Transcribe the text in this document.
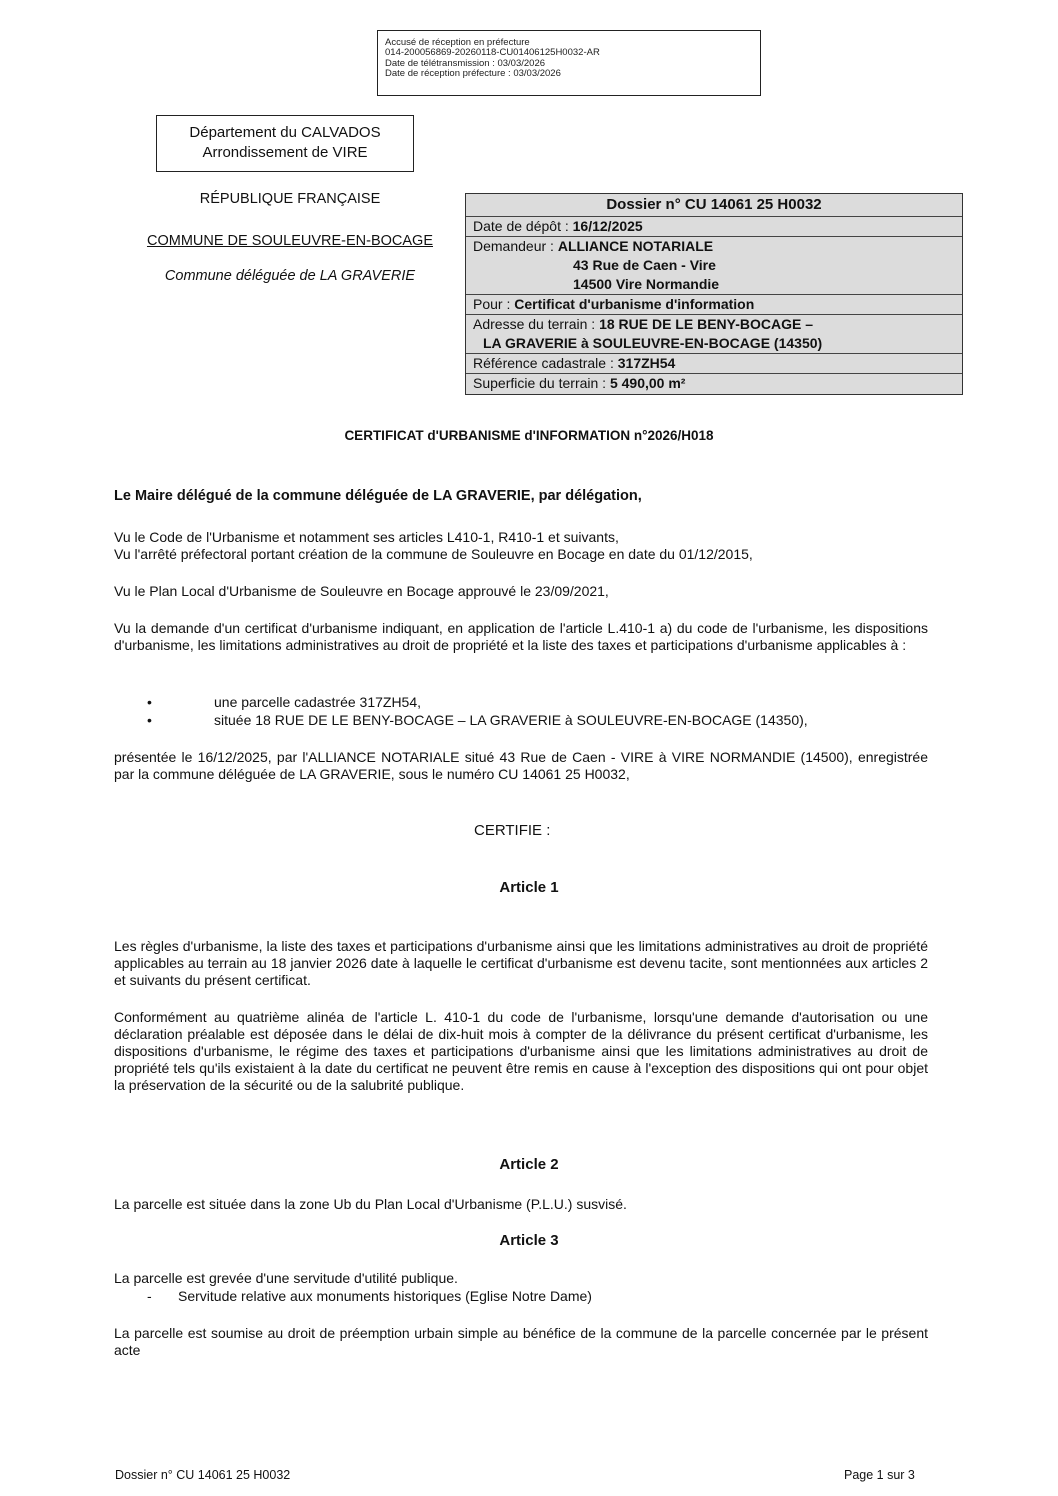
Accusé de réception en préfecture
014-200056869-20260118-CU01406125H0032-AR
Date de télétransmission : 03/03/2026
Date de réception préfecture : 03/03/2026
Département du CALVADOS
Arrondissement de VIRE
RÉPUBLIQUE FRANÇAISE
COMMUNE DE SOULEUVRE-EN-BOCAGE
Commune déléguée de LA GRAVERIE
Dossier n° CU 14061 25 H0032
Date de dépôt : 16/12/2025
Demandeur : ALLIANCE NOTARIALE
43 Rue de Caen - Vire
14500 Vire Normandie
Pour : Certificat d'urbanisme d'information
Adresse du terrain : 18 RUE DE LE BENY-BOCAGE –
LA GRAVERIE à SOULEUVRE-EN-BOCAGE (14350)
Référence cadastrale : 317ZH54
Superficie du terrain : 5 490,00 m²
CERTIFICAT d'URBANISME d'INFORMATION n°2026/H018
Le Maire délégué de la commune déléguée de LA GRAVERIE, par délégation,
Vu le Code de l'Urbanisme et notamment ses articles L410-1, R410-1 et suivants,
Vu l'arrêté préfectoral portant création de la commune de Souleuvre en Bocage en date du 01/12/2015,
Vu le Plan Local d'Urbanisme de Souleuvre en Bocage approuvé le 23/09/2021,
Vu la demande d'un certificat d'urbanisme indiquant, en application de l'article L.410-1 a) du code de l'urbanisme, les dispositions d'urbanisme, les limitations administratives au droit de propriété et la liste des taxes et participations d'urbanisme applicables à :
•	une parcelle cadastrée 317ZH54,
•	située 18 RUE DE LE BENY-BOCAGE – LA GRAVERIE à SOULEUVRE-EN-BOCAGE (14350),
présentée le 16/12/2025, par l'ALLIANCE NOTARIALE situé 43 Rue de Caen - VIRE à VIRE NORMANDIE (14500), enregistrée par la commune déléguée de LA GRAVERIE, sous le numéro CU 14061 25 H0032,
CERTIFIE :
Article 1
Les règles d'urbanisme, la liste des taxes et participations d'urbanisme ainsi que les limitations administratives au droit de propriété applicables au terrain au 18 janvier 2026 date à laquelle le certificat d'urbanisme est devenu tacite, sont mentionnées aux articles 2 et suivants du présent certificat.
Conformément au quatrième alinéa de l'article L. 410-1 du code de l'urbanisme, lorsqu'une demande d'autorisation ou une déclaration préalable est déposée dans le délai de dix-huit mois à compter de la délivrance du présent certificat d'urbanisme, les dispositions d'urbanisme, le régime des taxes et participations d'urbanisme ainsi que les limitations administratives au droit de propriété tels qu'ils existaient à la date du certificat ne peuvent être remis en cause à l'exception des dispositions qui ont pour objet la préservation de la sécurité ou de la salubrité publique.
Article 2
La parcelle est située dans la zone Ub du Plan Local d'Urbanisme (P.L.U.) susvisé.
Article 3
La parcelle est grevée d'une servitude d'utilité publique.
- Servitude relative aux monuments historiques (Eglise Notre Dame)
La parcelle est soumise au droit de préemption urbain simple au bénéfice de la commune de la parcelle concernée par le présent acte
Dossier n° CU 14061 25 H0032	Page 1 sur 3
